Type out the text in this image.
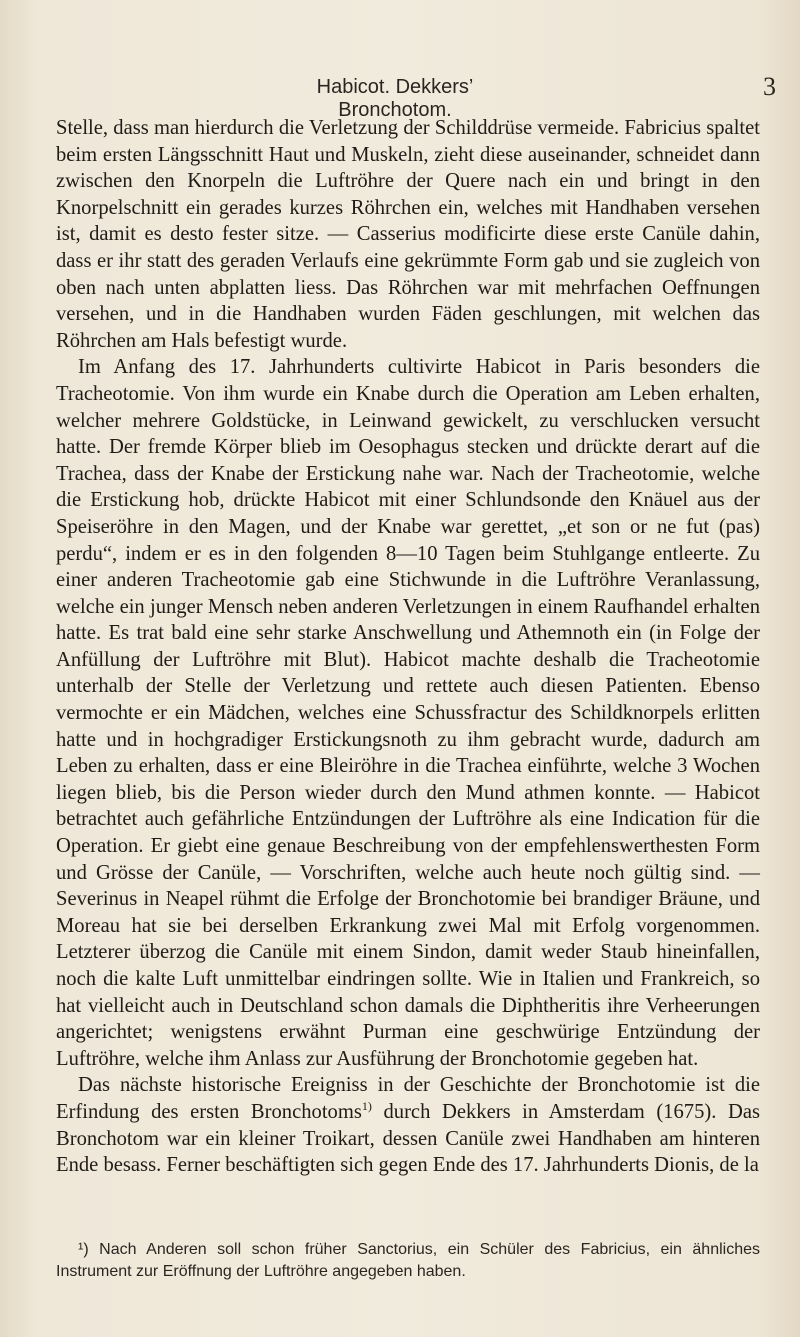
Habicot. Dekkers’ Bronchotom.
3

Stelle, dass man hierdurch die Verletzung der Schilddrüse vermeide. Fabricius spaltet beim ersten Längsschnitt Haut und Muskeln, zieht diese auseinander, schneidet dann zwischen den Knorpeln die Luftröhre der Quere nach ein und bringt in den Knorpelschnitt ein gerades kurzes Röhrchen ein, welches mit Handhaben versehen ist, damit es desto fester sitze. — Casserius modificirte diese erste Canüle dahin, dass er ihr statt des geraden Verlaufs eine gekrümmte Form gab und sie zugleich von oben nach unten abplatten liess. Das Röhrchen war mit mehrfachen Oeffnungen versehen, und in die Handhaben wurden Fäden geschlungen, mit welchen das Röhrchen am Hals befestigt wurde.

Im Anfang des 17. Jahrhunderts cultivirte Habicot in Paris besonders die Tracheotomie. Von ihm wurde ein Knabe durch die Operation am Leben erhalten, welcher mehrere Goldstücke, in Leinwand gewickelt, zu verschlucken versucht hatte. Der fremde Körper blieb im Oesophagus stecken und drückte derart auf die Trachea, dass der Knabe der Erstickung nahe war. Nach der Tracheotomie, welche die Erstickung hob, drückte Habicot mit einer Schlundsonde den Knäuel aus der Speiseröhre in den Magen, und der Knabe war gerettet, „et son or ne fut (pas) perdu“, indem er es in den folgenden 8—10 Tagen beim Stuhlgange entleerte. Zu einer anderen Tracheotomie gab eine Stichwunde in die Luftröhre Veranlassung, welche ein junger Mensch neben anderen Verletzungen in einem Raufhandel erhalten hatte. Es trat bald eine sehr starke Anschwellung und Athemnoth ein (in Folge der Anfüllung der Luftröhre mit Blut). Habicot machte deshalb die Tracheotomie unterhalb der Stelle der Verletzung und rettete auch diesen Patienten. Ebenso vermochte er ein Mädchen, welches eine Schussfractur des Schildknorpels erlitten hatte und in hochgradiger Erstickungsnoth zu ihm gebracht wurde, dadurch am Leben zu erhalten, dass er eine Bleiröhre in die Trachea einführte, welche 3 Wochen liegen blieb, bis die Person wieder durch den Mund athmen konnte. — Habicot betrachtet auch gefährliche Entzündungen der Luftröhre als eine Indication für die Operation. Er giebt eine genaue Beschreibung von der empfehlenswerthesten Form und Grösse der Canüle, — Vorschriften, welche auch heute noch gültig sind. — Severinus in Neapel rühmt die Erfolge der Bronchotomie bei brandiger Bräune, und Moreau hat sie bei derselben Erkrankung zwei Mal mit Erfolg vorgenommen. Letzterer überzog die Canüle mit einem Sindon, damit weder Staub hineinfallen, noch die kalte Luft unmittelbar eindringen sollte. Wie in Italien und Frankreich, so hat vielleicht auch in Deutschland schon damals die Diphtheritis ihre Verheerungen angerichtet; wenigstens erwähnt Purman eine geschwürige Entzündung der Luftröhre, welche ihm Anlass zur Ausführung der Bronchotomie gegeben hat.

Das nächste historische Ereigniss in der Geschichte der Bronchotomie ist die Erfindung des ersten Bronchotoms$^{1)}$ durch Dekkers in Amsterdam (1675). Das Bronchotom war ein kleiner Troikart, dessen Canüle zwei Handhaben am hinteren Ende besass. Ferner beschäftigten sich gegen Ende des 17. Jahrhunderts Dionis, de la

¹) Nach Anderen soll schon früher Sanctorius, ein Schüler des Fabricius, ein ähnliches Instrument zur Eröffnung der Luftröhre angegeben haben.
